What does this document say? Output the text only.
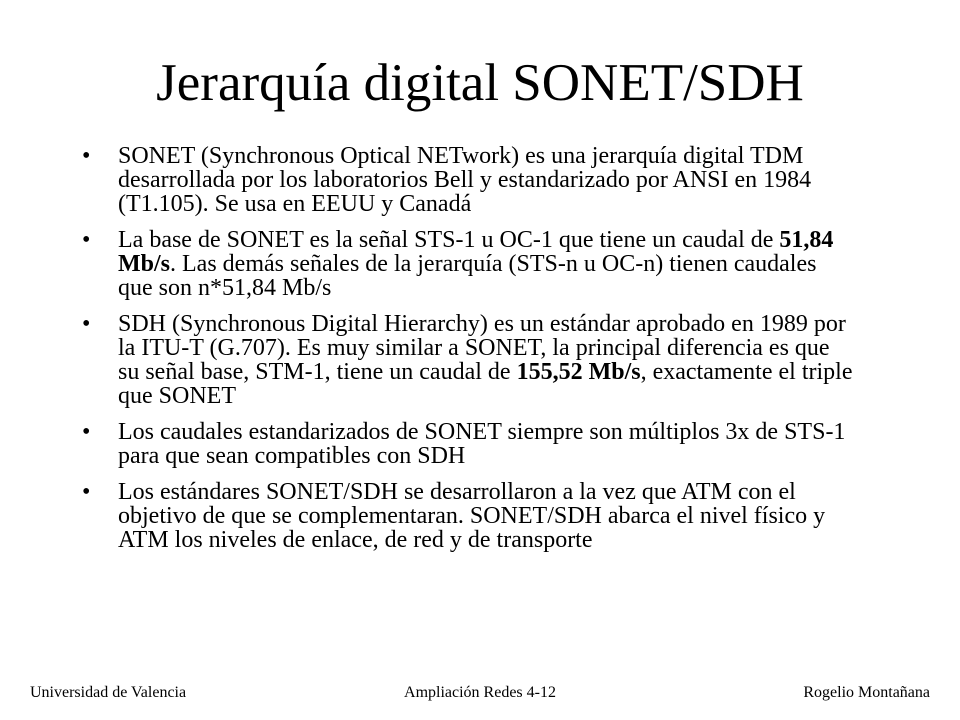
Jerarquía digital SONET/SDH
• SONET (Synchronous Optical NETwork) es una jerarquía digital TDM desarrollada por los laboratorios Bell y estandarizado por ANSI en 1984 (T1.105). Se usa en EEUU y Canadá
• La base de SONET es la señal STS-1 u OC-1 que tiene un caudal de 51,84 Mb/s. Las demás señales de la jerarquía (STS-n u OC-n) tienen caudales que son n*51,84 Mb/s
• SDH (Synchronous Digital Hierarchy) es un estándar aprobado en 1989 por la ITU-T (G.707). Es muy similar a SONET, la principal diferencia es que su señal base, STM-1, tiene un caudal de 155,52 Mb/s, exactamente el triple que SONET
• Los caudales estandarizados de SONET siempre son múltiplos 3x de STS-1 para que sean compatibles con SDH
• Los estándares SONET/SDH se desarrollaron a la vez que ATM con el objetivo de que se complementaran. SONET/SDH abarca el nivel físico y ATM los niveles de enlace, de red y de transporte
Universidad de Valencia	Ampliación Redes 4-12	Rogelio Montañana
